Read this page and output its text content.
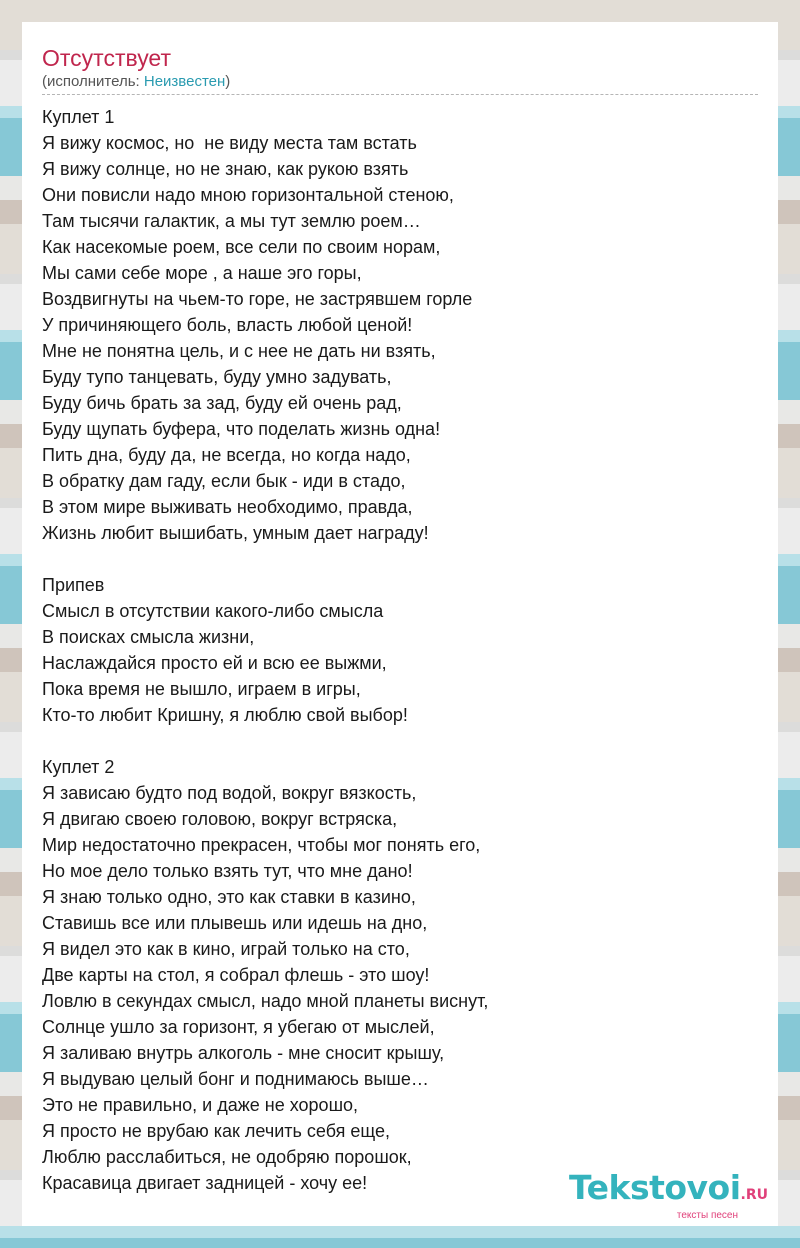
Отсутствует
(исполнитель: Неизвестен)
Куплет 1
Я вижу космос, но  не виду места там встать
Я вижу солнце, но не знаю, как рукою взять
Они повисли надо мною горизонтальной стеною,
Там тысячи галактик, а мы тут землю роем…
Как насекомые роем, все сели по своим норам,
Мы сами себе море , а наше эго горы,
Воздвигнуты на чьем-то горе, не застрявшем горле
У причиняющего боль, власть любой ценой!
Мне не понятна цель, и с нее не дать ни взять,
Буду тупо танцевать, буду умно задувать,
Буду бичь брать за зад, буду ей очень рад,
Буду щупать буфера, что поделать жизнь одна!
Пить дна, буду да, не всегда, но когда надо,
В обратку дам гаду, если бык - иди в стадо,
В этом мире выживать необходимо, правда,
Жизнь любит вышибать, умным дает награду!
Припев
Смысл в отсутствии какого-либо смысла
В поисках смысла жизни,
Наслаждайся просто ей и всю ее выжми,
Пока время не вышло, играем в игры,
Кто-то любит Кришну, я люблю свой выбор!
Куплет 2
Я зависаю будто под водой, вокруг вязкость,
Я двигаю своею головою, вокруг встряска,
Мир недостаточно прекрасен, чтобы мог понять его,
Но мое дело только взять тут, что мне дано!
Я знаю только одно, это как ставки в казино,
Ставишь все или плывешь или идешь на дно,
Я видел это как в кино, играй только на сто,
Две карты на стол, я собрал флешь - это шоу!
Ловлю в секундах смысл, надо мной планеты виснут,
Солнце ушло за горизонт, я убегаю от мыслей,
Я заливаю внутрь алкоголь - мне сносит крышу,
Я выдуваю целый бонг и поднимаюсь выше…
Это не правильно, и даже не хорошо,
Я просто не врубаю как лечить себя еще,
Люблю расслабиться, не одобряю порошок,
Красавица двигает задницей - хочу ее!	Tekstovoi.RU
тексты песен
